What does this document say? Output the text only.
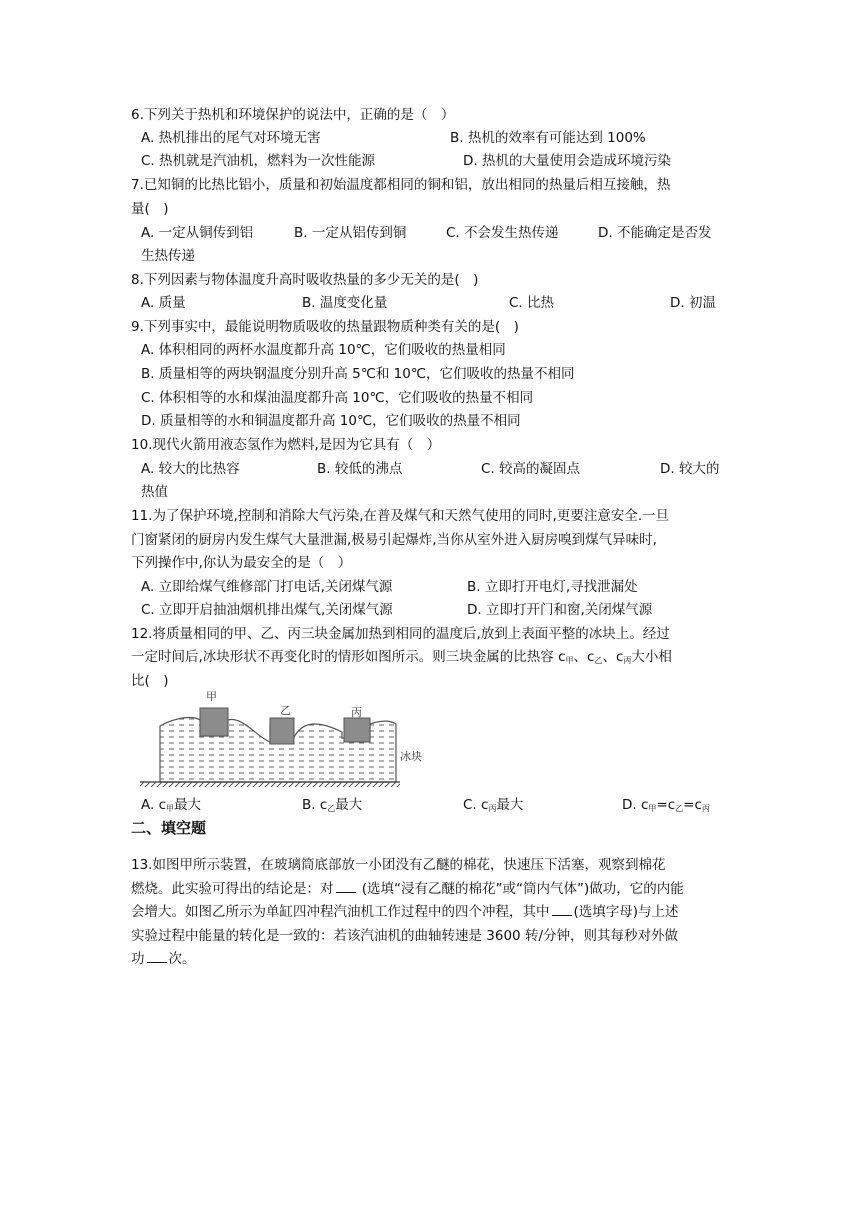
6.下列关于热机和环境保护的说法中，正确的是（　）
A. 热机排出的尾气对环境无害	B. 热机的效率有可能达到 100%
C. 热机就是汽油机，燃料为一次性能源	D. 热机的大量使用会造成环境污染
7.已知铜的比热比铝小，质量和初始温度都相同的铜和铝，放出相同的热量后相互接触，热
量(　)
A. 一定从铜传到铝	B. 一定从铝传到铜	C. 不会发生热传递	D. 不能确定是否发
生热传递
8.下列因素与物体温度升高时吸收热量的多少无关的是(　)
A. 质量	B. 温度变化量	C. 比热	D. 初温
9.下列事实中，最能说明物质吸收的热量跟物质种类有关的是(　)
A. 体积相同的两杯水温度都升高 10℃，它们吸收的热量相同
B. 质量相等的两块钢温度分别升高 5℃和 10℃，它们吸收的热量不相同
C. 体积相等的水和煤油温度都升高 10℃，它们吸收的热量不相同
D. 质量相等的水和铜温度都升高 10℃，它们吸收的热量不相同
10.现代火箭用液态氢作为燃料,是因为它具有（　）
A. 较大的比热容	B. 较低的沸点	C. 较高的凝固点	D. 较大的
热值
11.为了保护环境,控制和消除大气污染,在普及煤气和天然气使用的同时,更要注意安全.一旦
门窗紧闭的厨房内发生煤气大量泄漏,极易引起爆炸,当你从室外进入厨房嗅到煤气异味时,
下列操作中,你认为最安全的是（　）
A. 立即给煤气维修部门打电话,关闭煤气源	B. 立即打开电灯,寻找泄漏处
C. 立即开启抽油烟机排出煤气,关闭煤气源	D. 立即打开门和窗,关闭煤气源
12.将质量相同的甲、乙、丙三块金属加热到相同的温度后,放到上表面平整的冰块上。经过
一定时间后,冰块形状不再变化时的情形如图所示。则三块金属的比热容 $c_甲$、$c_乙$、$c_丙$大小相
比(　)
甲
乙	丙
冰块
A. $c_甲$最大	B. $c_乙$最大	C. $c_丙$最大	D. $c_甲=c_乙=c_丙$
二、填空题
13.如图甲所示装置，在玻璃筒底部放一小团没有乙醚的棉花，快速压下活塞，观察到棉花
燃烧。此实验可得出的结论是：对 (选填“浸有乙醚的棉花”或“筒内气体”)做功，它的内能
会增大。如图乙所示为单缸四冲程汽油机工作过程中的四个冲程，其中 (选填字母)与上述
实验过程中能量的转化是一致的：若该汽油机的曲轴转速是 3600 转/分钟，则其每秒对外做
功 次。
